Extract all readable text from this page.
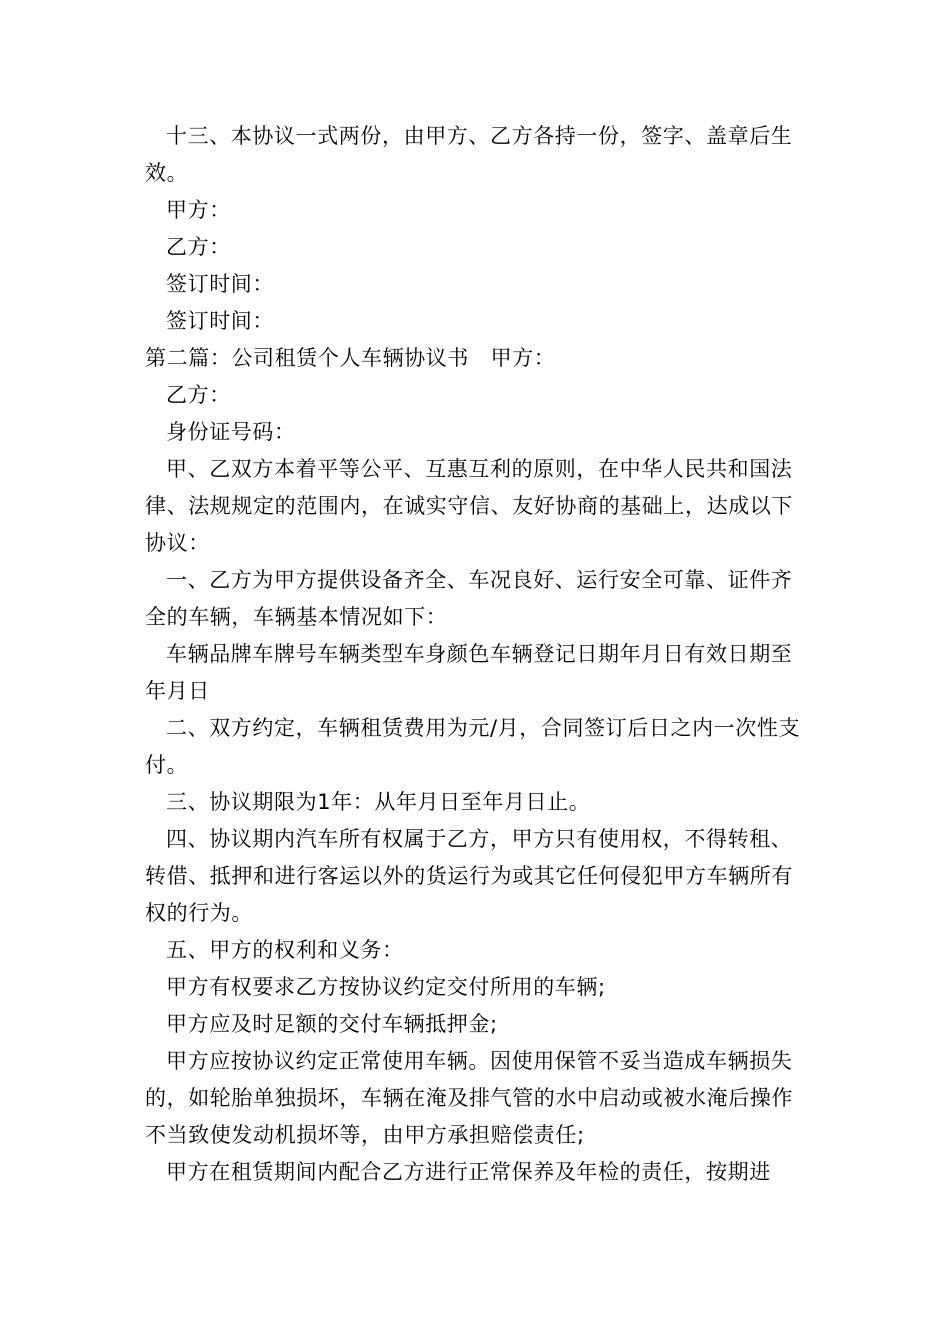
十三、本协议一式两份，由甲方、乙方各持一份，签字、盖章后生效。

甲方：

乙方：

签订时间：

签订时间：

第二篇：公司租赁个人车辆协议书　甲方：

乙方：

身份证号码：

甲、乙双方本着平等公平、互惠互利的原则，在中华人民共和国法律、法规规定的范围内，在诚实守信、友好协商的基础上，达成以下协议：

一、乙方为甲方提供设备齐全、车况良好、运行安全可靠、证件齐全的车辆，车辆基本情况如下：

车辆品牌车牌号车辆类型车身颜色车辆登记日期年月日有效日期至年月日

二、双方约定，车辆租赁费用为元/月，合同签订后日之内一次性支付。

三、协议期限为1年：从年月日至年月日止。

四、协议期内汽车所有权属于乙方，甲方只有使用权，不得转租、转借、抵押和进行客运以外的货运行为或其它任何侵犯甲方车辆所有权的行为。

五、甲方的权利和义务：

甲方有权要求乙方按协议约定交付所用的车辆;

甲方应及时足额的交付车辆抵押金;

甲方应按协议约定正常使用车辆。因使用保管不妥当造成车辆损失的，如轮胎单独损坏，车辆在淹及排气管的水中启动或被水淹后操作不当致使发动机损坏等，由甲方承担赔偿责任;

甲方在租赁期间内配合乙方进行正常保养及年检的责任，按期进
